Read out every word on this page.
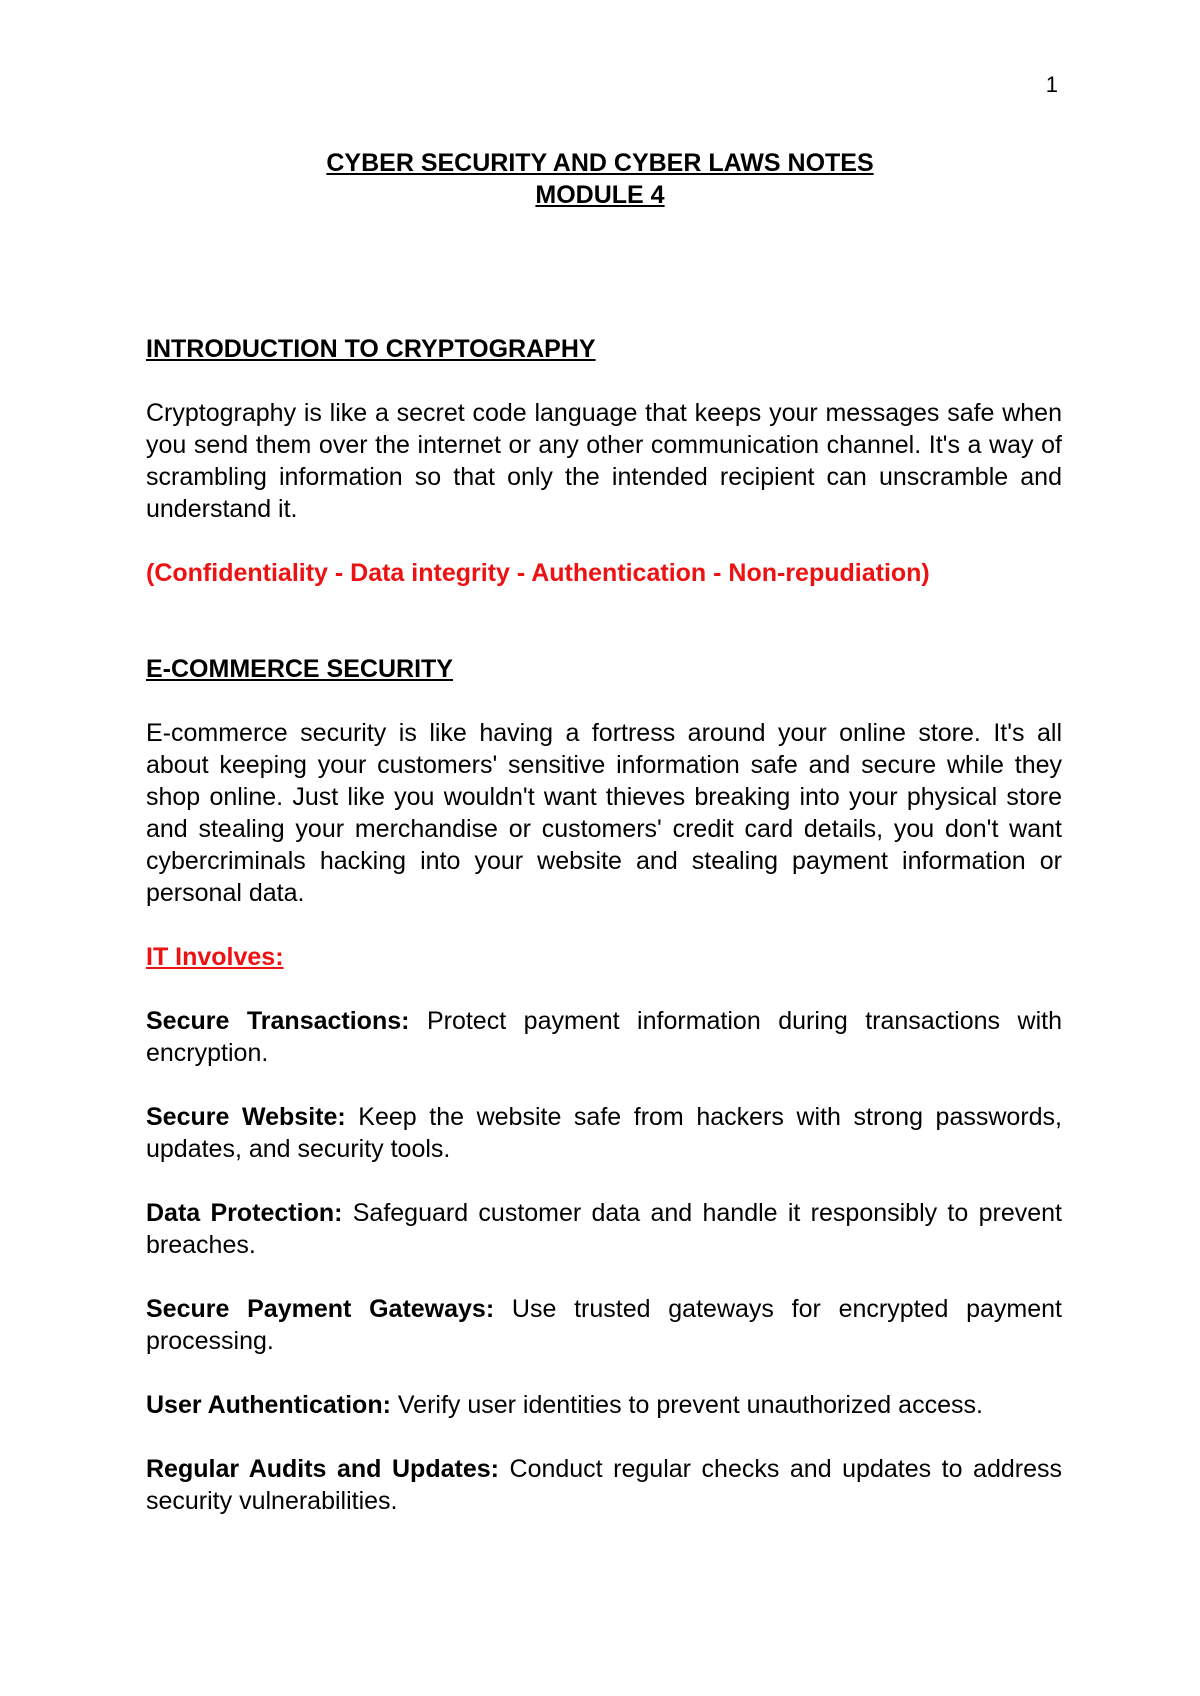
1
CYBER SECURITY AND CYBER LAWS NOTES
MODULE 4

INTRODUCTION TO CRYPTOGRAPHY

Cryptography is like a secret code language that keeps your messages safe when you send them over the internet or any other communication channel. It's a way of scrambling information so that only the intended recipient can unscramble and understand it.

(Confidentiality - Data integrity - Authentication - Non-repudiation)

E-COMMERCE SECURITY

E-commerce security is like having a fortress around your online store. It's all about keeping your customers' sensitive information safe and secure while they shop online. Just like you wouldn't want thieves breaking into your physical store and stealing your merchandise or customers' credit card details, you don't want cybercriminals hacking into your website and stealing payment information or personal data.

IT Involves:

Secure Transactions: Protect payment information during transactions with encryption.

Secure Website: Keep the website safe from hackers with strong passwords, updates, and security tools.

Data Protection: Safeguard customer data and handle it responsibly to prevent breaches.

Secure Payment Gateways: Use trusted gateways for encrypted payment processing.

User Authentication: Verify user identities to prevent unauthorized access.

Regular Audits and Updates: Conduct regular checks and updates to address security vulnerabilities.
